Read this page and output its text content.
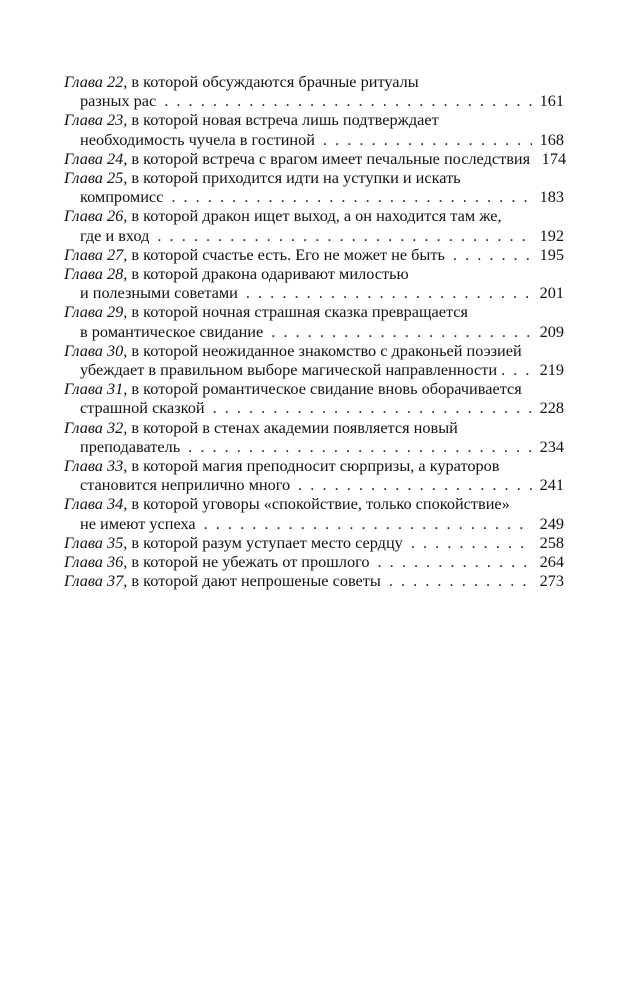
Глава 22, в которой обсуждаются брачные ритуалы
разных рас . . .	161
Глава 23, в которой новая встреча лишь подтверждает
необходимость чучела в гостиной . . .	168
Глава 24, в которой встреча с врагом имеет печальные последствия 174
Глава 25, в которой приходится идти на уступки и искать
компромисс . . .	183
Глава 26, в которой дракон ищет выход, а он находится там же,
где и вход . . .	192
Глава 27, в которой счастье есть. Его не может не быть . . .	195
Глава 28, в которой дракона одаривают милостью
и полезными советами . . .	201
Глава 29, в которой ночная страшная сказка превращается
в романтическое свидание . . .	209
Глава 30, в которой неожиданное знакомство с драконьей поэзией
убеждает в правильном выборе магической направленности . . .	219
Глава 31, в которой романтическое свидание вновь оборачивается
страшной сказкой . . .	228
Глава 32, в которой в стенах академии появляется новый
преподаватель . . .	234
Глава 33, в которой магия преподносит сюрпризы, а кураторов
становится неприлично много . . .	241
Глава 34, в которой уговоры «спокойствие, только спокойствие»
не имеют успеха . . .	249
Глава 35, в которой разум уступает место сердцу . . .	258
Глава 36, в которой не убежать от прошлого . . .	264
Глава 37, в которой дают непрошеные советы . . .	273
